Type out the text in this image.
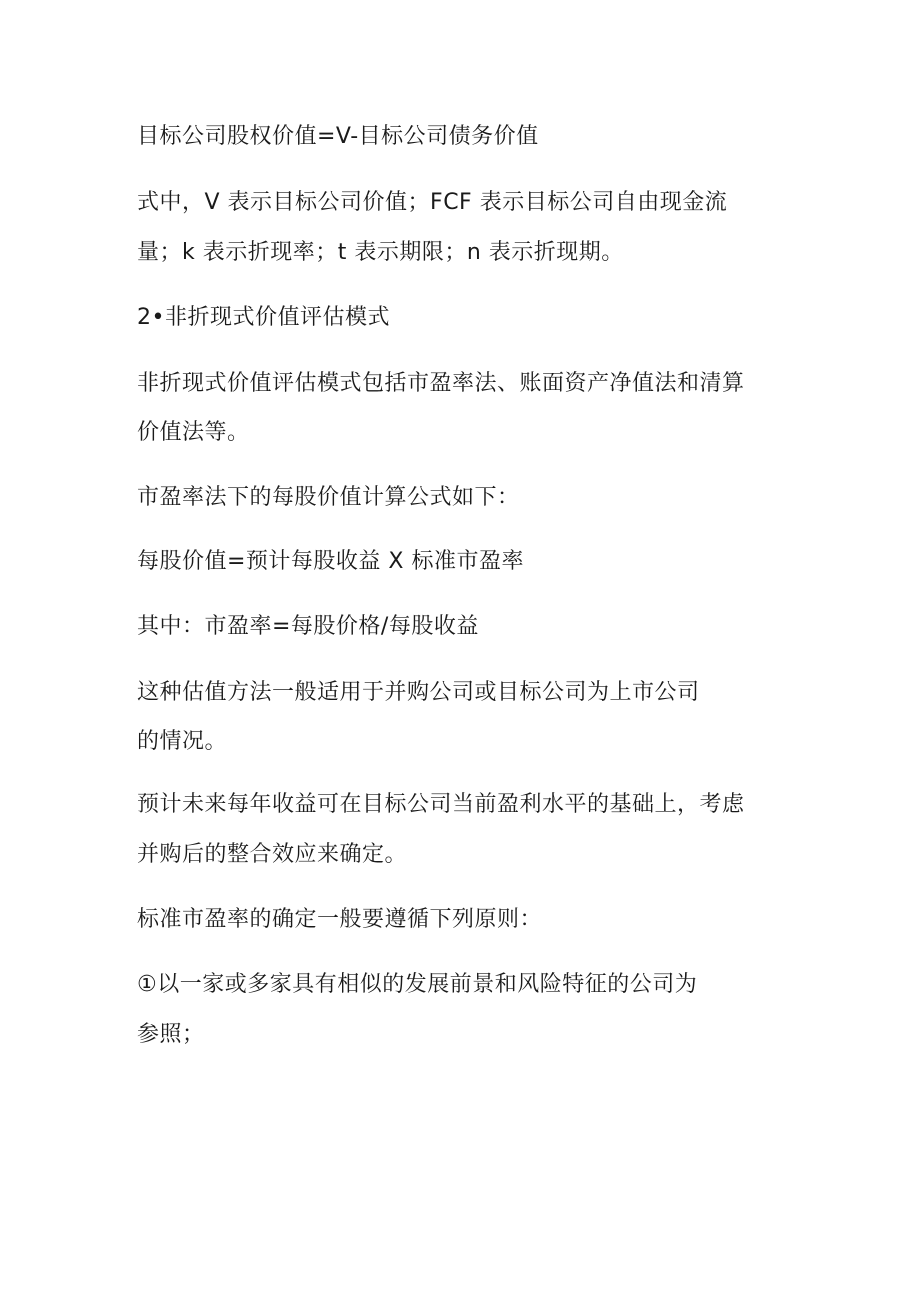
目标公司股权价值=V-目标公司债务价值
式中，V 表示目标公司价值；FCF 表示目标公司自由现金流
量；k 表示折现率；t 表示期限；n 表示折现期。
2•非折现式价值评估模式
非折现式价值评估模式包括市盈率法、账面资产净值法和清算
价值法等。
市盈率法下的每股价值计算公式如下：
每股价值=预计每股收益 X 标准市盈率
其中：市盈率=每股价格/每股收益
这种估值方法一般适用于并购公司或目标公司为上市公司
的情况。
预计未来每年收益可在目标公司当前盈利水平的基础上，考虑
并购后的整合效应来确定。
标准市盈率的确定一般要遵循下列原则：
①以一家或多家具有相似的发展前景和风险特征的公司为
参照；
